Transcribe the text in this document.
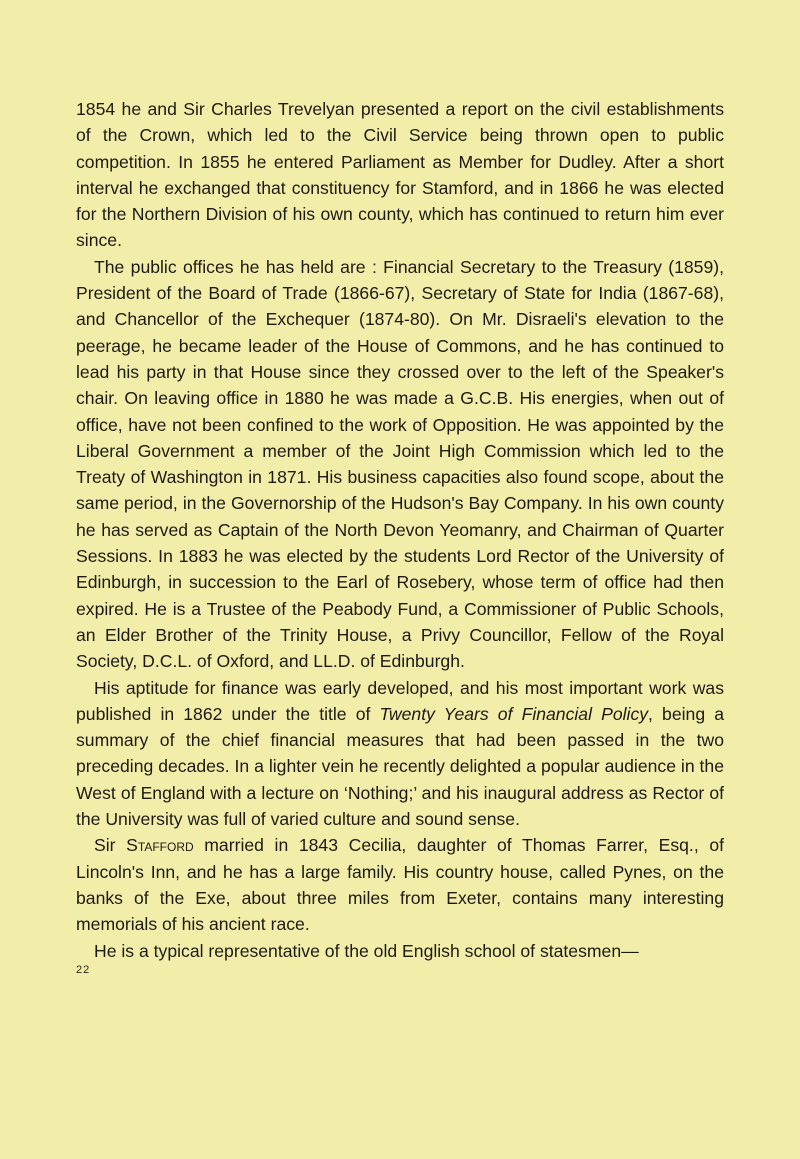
1854 he and Sir Charles Trevelyan presented a report on the civil establishments of the Crown, which led to the Civil Service being thrown open to public competition. In 1855 he entered Parliament as Member for Dudley. After a short interval he exchanged that constituency for Stamford, and in 1866 he was elected for the Northern Division of his own county, which has continued to return him ever since.

The public offices he has held are : Financial Secretary to the Treasury (1859), President of the Board of Trade (1866-67), Secretary of State for India (1867-68), and Chancellor of the Exchequer (1874-80). On Mr. Disraeli's elevation to the peerage, he became leader of the House of Commons, and he has continued to lead his party in that House since they crossed over to the left of the Speaker's chair. On leaving office in 1880 he was made a G.C.B. His energies, when out of office, have not been confined to the work of Opposition. He was appointed by the Liberal Government a member of the Joint High Commission which led to the Treaty of Washington in 1871. His business capacities also found scope, about the same period, in the Governorship of the Hudson's Bay Company. In his own county he has served as Captain of the North Devon Yeomanry, and Chairman of Quarter Sessions. In 1883 he was elected by the students Lord Rector of the University of Edinburgh, in succession to the Earl of Rosebery, whose term of office had then expired. He is a Trustee of the Peabody Fund, a Commissioner of Public Schools, an Elder Brother of the Trinity House, a Privy Councillor, Fellow of the Royal Society, D.C.L. of Oxford, and LL.D. of Edinburgh.

His aptitude for finance was early developed, and his most important work was published in 1862 under the title of Twenty Years of Financial Policy, being a summary of the chief financial measures that had been passed in the two preceding decades. In a lighter vein he recently delighted a popular audience in the West of England with a lecture on ‘Nothing;’ and his inaugural address as Rector of the University was full of varied culture and sound sense.

Sir Stafford married in 1843 Cecilia, daughter of Thomas Farrer, Esq., of Lincoln's Inn, and he has a large family. His country house, called Pynes, on the banks of the Exe, about three miles from Exeter, contains many interesting memorials of his ancient race.

He is a typical representative of the old English school of statesmen—

22
